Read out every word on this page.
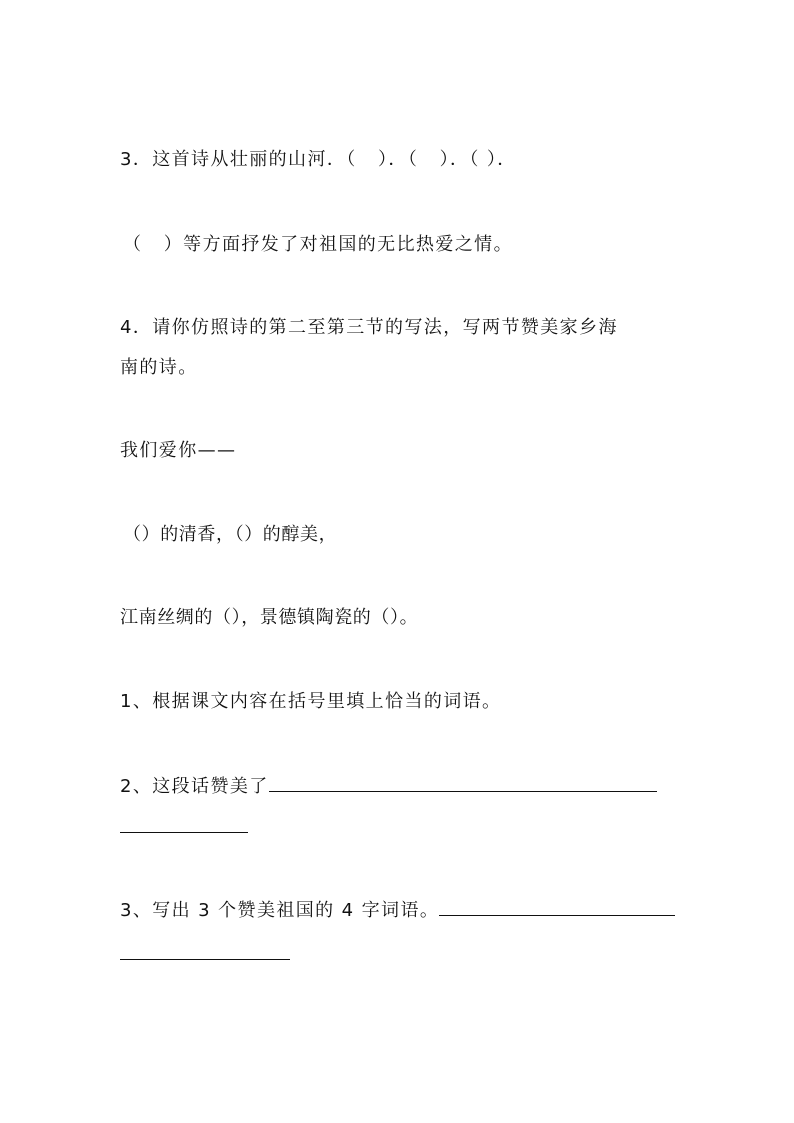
3．这首诗从壮丽的山河．（   ）．（   ）．（ ）．
（   ）等方面抒发了对祖国的无比热爱之情。
4．请你仿照诗的第二至第三节的写法，写两节赞美家乡海
南的诗。
我们爱你——
（）的清香，（）的醇美，
江南丝绸的（），景德镇陶瓷的（）。
1、根据课文内容在括号里填上恰当的词语。
2、这段话赞美了
3、写出 3 个赞美祖国的 4 字词语。
